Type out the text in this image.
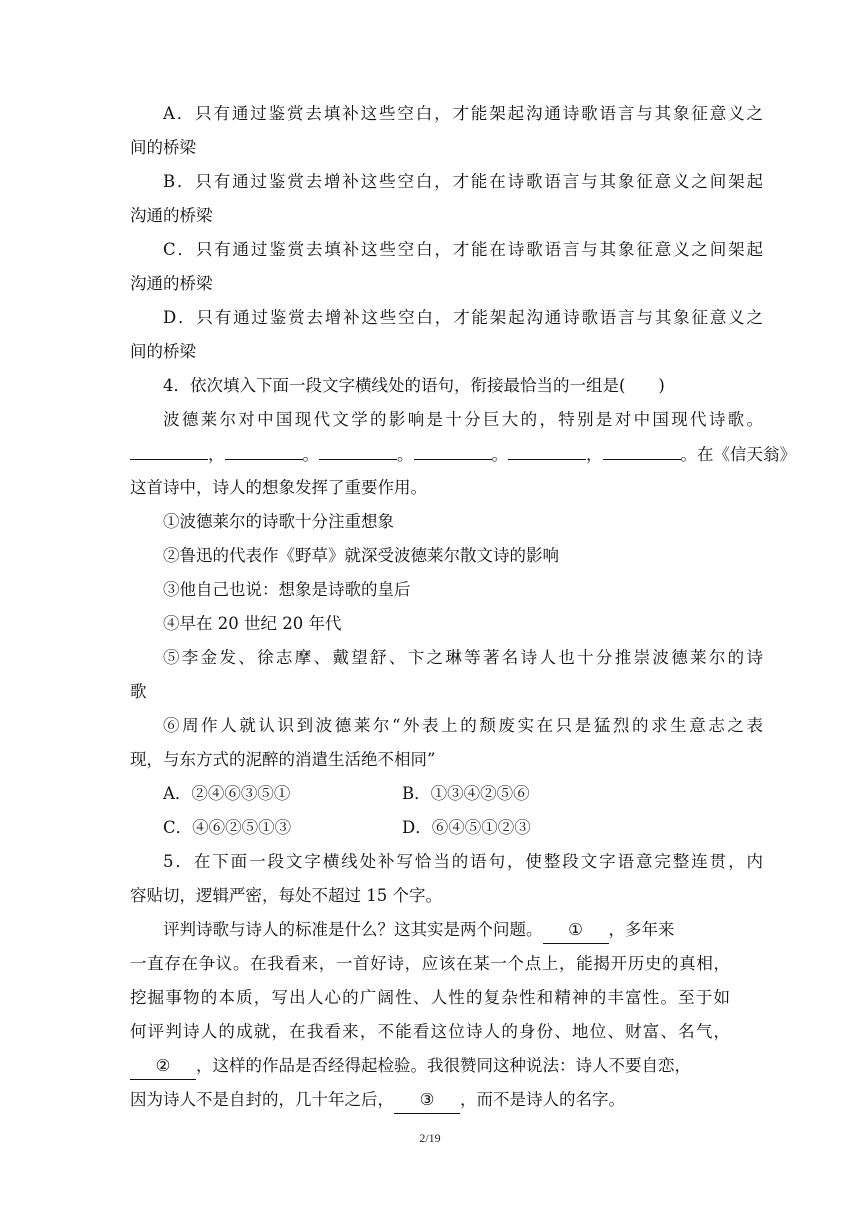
A．只有通过鉴赏去填补这些空白，才能架起沟通诗歌语言与其象征意义之
间的桥梁
B．只有通过鉴赏去增补这些空白，才能在诗歌语言与其象征意义之间架起
沟通的桥梁
C．只有通过鉴赏去填补这些空白，才能在诗歌语言与其象征意义之间架起
沟通的桥梁
D．只有通过鉴赏去增补这些空白，才能架起沟通诗歌语言与其象征意义之
间的桥梁
4．依次填入下面一段文字横线处的语句，衔接最恰当的一组是(　　)
波德莱尔对中国现代文学的影响是十分巨大的，特别是对中国现代诗歌。
，	。	。	。	，	。在《信天翁》
这首诗中，诗人的想象发挥了重要作用。
①波德莱尔的诗歌十分注重想象
②鲁迅的代表作《野草》就深受波德莱尔散文诗的影响
③他自己也说：想象是诗歌的皇后
④早在 20 世纪 20 年代
⑤李金发、徐志摩、戴望舒、卞之琳等著名诗人也十分推崇波德莱尔的诗
歌
⑥周作人就认识到波德莱尔“外表上的颓废实在只是猛烈的求生意志之表
现，与东方式的泥醉的消遣生活绝不相同”
A．②④⑥③⑤①	B．①③④②⑤⑥
C．④⑥②⑤①③	D．⑥④⑤①②③
5．在下面一段文字横线处补写恰当的语句，使整段文字语意完整连贯，内
容贴切，逻辑严密，每处不超过 15 个字。
评判诗歌与诗人的标准是什么？这其实是两个问题。 ① ，多年来
一直存在争议。在我看来，一首好诗，应该在某一个点上，能揭开历史的真相，
挖掘事物的本质，写出人心的广阔性、人性的复杂性和精神的丰富性。至于如
何评判诗人的成就，在我看来，不能看这位诗人的身份、地位、财富、名气，
② ，这样的作品是否经得起检验。我很赞同这种说法：诗人不要自恋，
因为诗人不是自封的，几十年之后， ③ ，而不是诗人的名字。
2/19
